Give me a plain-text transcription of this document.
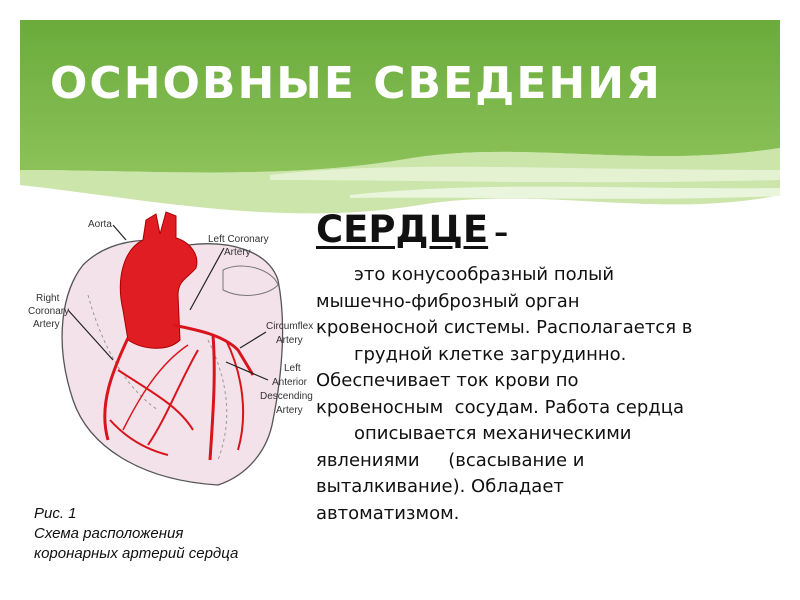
ОСНОВНЫЕ СВЕДЕНИЯ
Aorta
Left Coronary
Artery
Right
Coronary
Artery	Circumflex
Artery
Left
Anterior
Descending
Artery
Рис. 1
Схема расположения
коронарных артерий сердца
СЕРДЦЕ –
это конусообразный полый
мышечно-фиброзный орган
кровеносной системы. Располагается в
грудной клетке загрудинно.
Обеспечивает ток крови по
кровеносным  сосудам. Работа сердца
описывается механическими
явлениями     (всасывание и
выталкивание). Обладает
автоматизмом.
